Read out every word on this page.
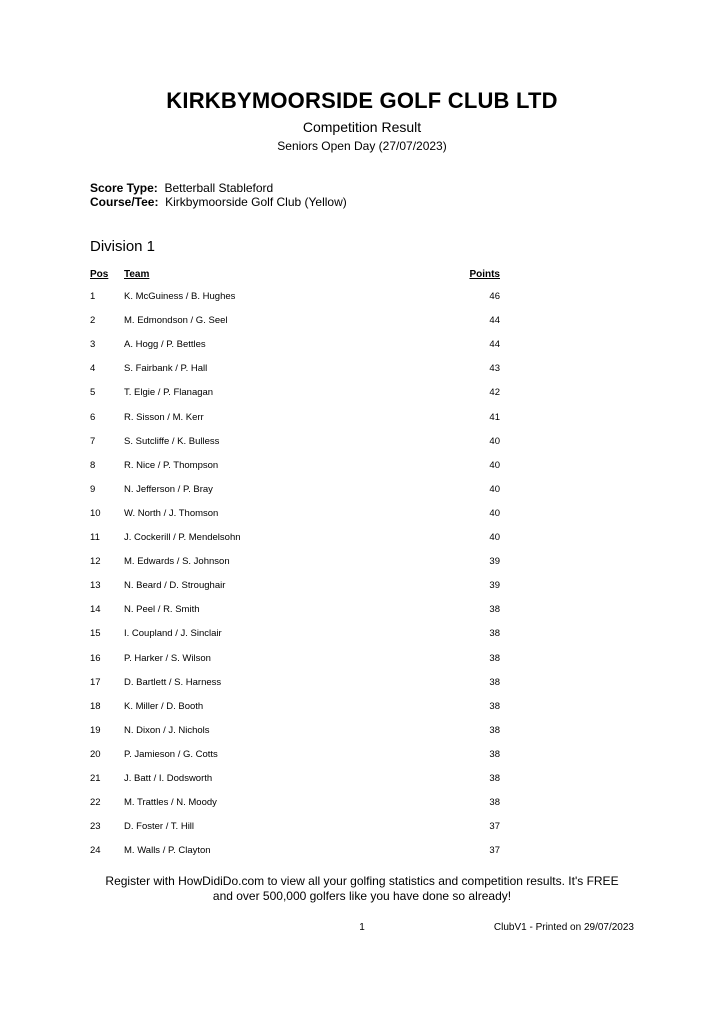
KIRKBYMOORSIDE GOLF CLUB LTD
Competition Result
Seniors Open Day (27/07/2023)
Score Type: Betterball Stableford
Course/Tee: Kirkbymoorside Golf Club (Yellow)
Division 1
Pos Team	Points
1	K. McGuiness / B. Hughes	46
2	M. Edmondson / G. Seel	44
3	A. Hogg / P. Bettles	44
4	S. Fairbank / P. Hall	43
5	T. Elgie / P. Flanagan	42
6	R. Sisson / M. Kerr	41
7	S. Sutcliffe / K. Bulless	40
8	R. Nice / P. Thompson	40
9	N. Jefferson / P. Bray	40
10 W. North / J. Thomson	40
11	J. Cockerill / P. Mendelsohn	40
12 M. Edwards / S. Johnson	39
13 N. Beard / D. Stroughair	39
14 N. Peel / R. Smith	38
15 I. Coupland / J. Sinclair	38
16 P. Harker / S. Wilson	38
17 D. Bartlett / S. Harness	38
18 K. Miller / D. Booth	38
19 N. Dixon / J. Nichols	38
20 P. Jamieson / G. Cotts	38
21 J. Batt / I. Dodsworth	38
22 M. Trattles / N. Moody	38
23 D. Foster / T. Hill	37
24 M. Walls / P. Clayton	37
Register with HowDidiDo.com to view all your golfing statistics and competition results. It's FREE
and over 500,000 golfers like you have done so already!
1	ClubV1 - Printed on 29/07/2023
